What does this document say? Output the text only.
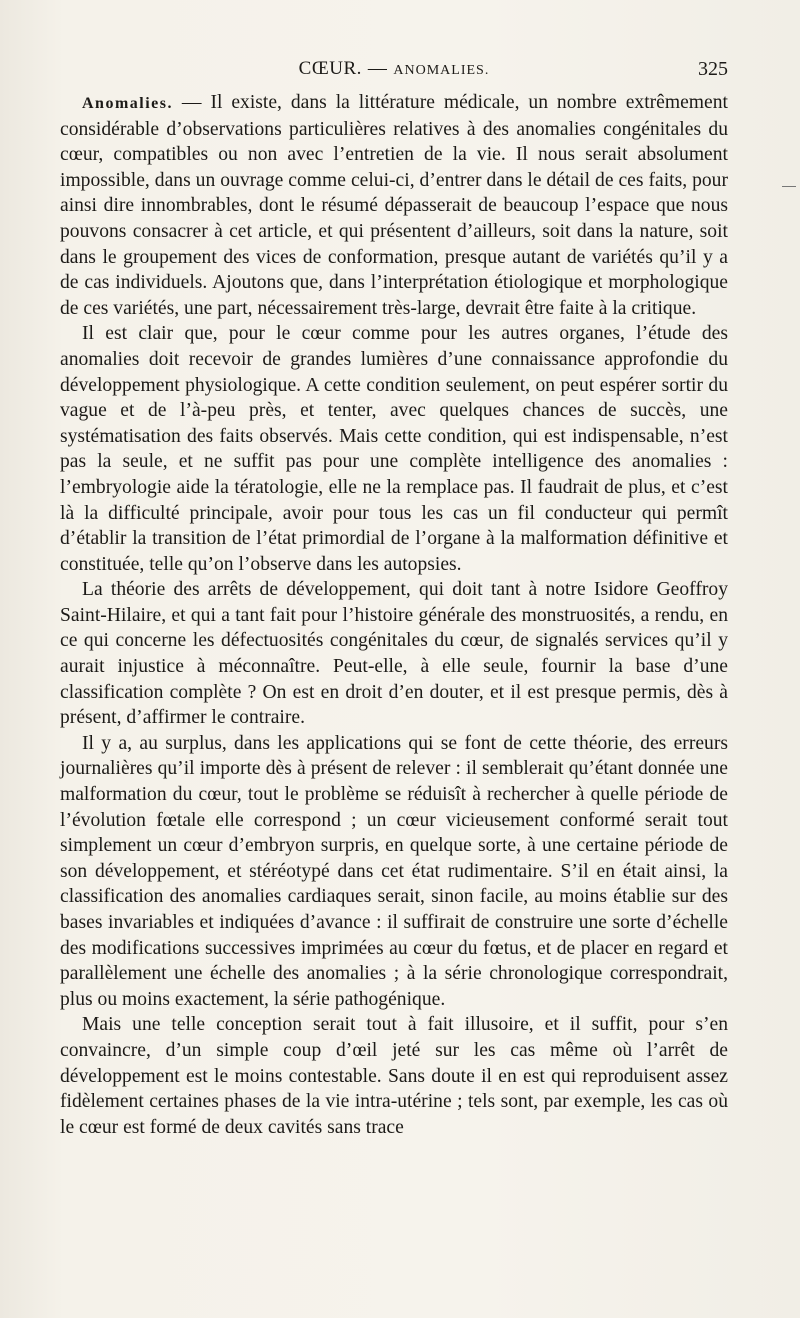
CŒUR. — ANOMALIES.	325

Anomalies. — Il existe, dans la littérature médicale, un nombre extrêmement considérable d’observations particulières relatives à des anomalies congénitales du cœur, compatibles ou non avec l’entretien de la vie. Il nous serait absolument impossible, dans un ouvrage comme celui-ci, d’entrer dans le détail de ces faits, pour ainsi dire innombrables, dont le résumé dépasserait de beaucoup l’espace que nous pouvons consacrer à cet article, et qui présentent d’ailleurs, soit dans la nature, soit dans le groupement des vices de conformation, presque autant de variétés qu’il y a de cas individuels. Ajoutons que, dans l’interprétation étiologique et morphologique de ces variétés, une part, nécessairement très-large, devrait être faite à la critique.

Il est clair que, pour le cœur comme pour les autres organes, l’étude des anomalies doit recevoir de grandes lumières d’une connaissance approfondie du développement physiologique. A cette condition seulement, on peut espérer sortir du vague et de l’à-peu près, et tenter, avec quelques chances de succès, une systématisation des faits observés. Mais cette condition, qui est indispensable, n’est pas la seule, et ne suffit pas pour une complète intelligence des anomalies : l’embryologie aide la tératologie, elle ne la remplace pas. Il faudrait de plus, et c’est là la difficulté principale, avoir pour tous les cas un fil conducteur qui permît d’établir la transition de l’état primordial de l’organe à la malformation définitive et constituée, telle qu’on l’observe dans les autopsies.

La théorie des arrêts de développement, qui doit tant à notre Isidore Geoffroy Saint-Hilaire, et qui a tant fait pour l’histoire générale des monstruosités, a rendu, en ce qui concerne les défectuosités congénitales du cœur, de signalés services qu’il y aurait injustice à méconnaître. Peut-elle, à elle seule, fournir la base d’une classification complète ? On est en droit d’en douter, et il est presque permis, dès à présent, d’affirmer le contraire.

Il y a, au surplus, dans les applications qui se font de cette théorie, des erreurs journalières qu’il importe dès à présent de relever : il semblerait qu’étant donnée une malformation du cœur, tout le problème se réduisît à rechercher à quelle période de l’évolution fœtale elle correspond ; un cœur vicieusement conformé serait tout simplement un cœur d’embryon surpris, en quelque sorte, à une certaine période de son développement, et stéréotypé dans cet état rudimentaire. S’il en était ainsi, la classification des anomalies cardiaques serait, sinon facile, au moins établie sur des bases invariables et indiquées d’avance : il suffirait de construire une sorte d’échelle des modifications successives imprimées au cœur du fœtus, et de placer en regard et parallèlement une échelle des anomalies ; à la série chronologique correspondrait, plus ou moins exactement, la série pathogénique.

Mais une telle conception serait tout à fait illusoire, et il suffit, pour s’en convaincre, d’un simple coup d’œil jeté sur les cas même où l’arrêt de développement est le moins contestable. Sans doute il en est qui reproduisent assez fidèlement certaines phases de la vie intra-utérine ; tels sont, par exemple, les cas où le cœur est formé de deux cavités sans trace
